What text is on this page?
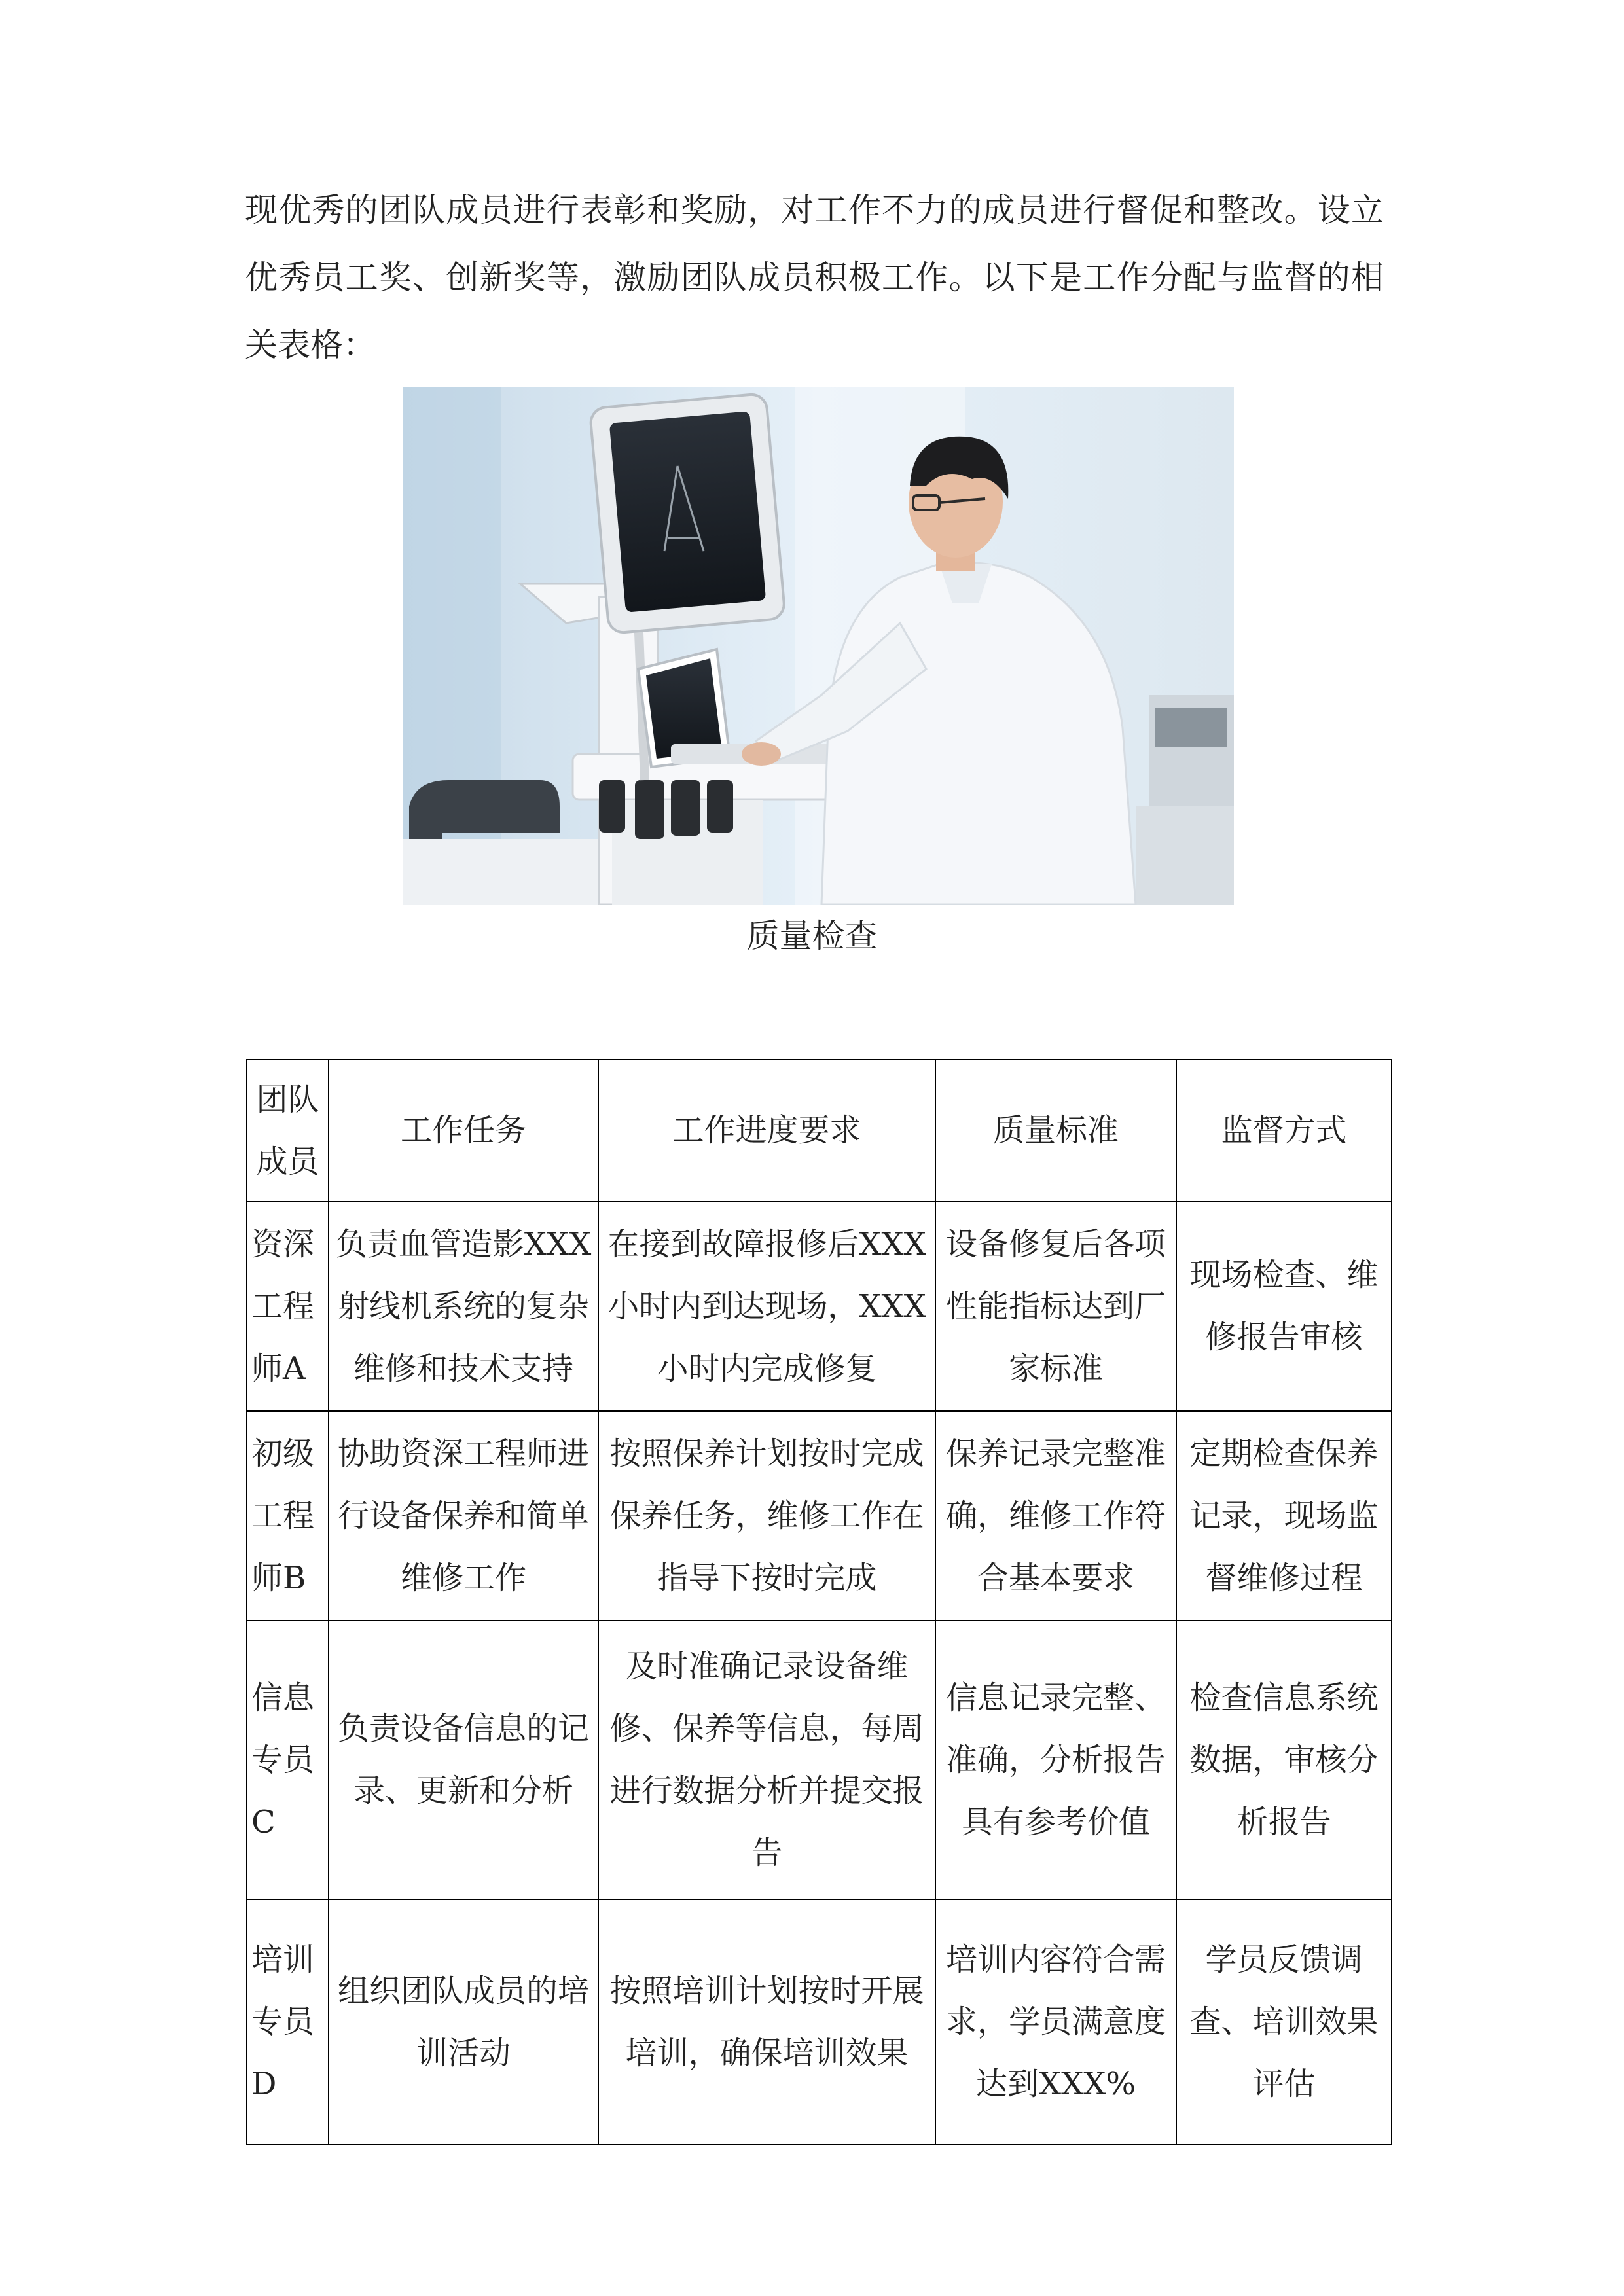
现优秀的团队成员进行表彰和奖励，对工作不力的成员进行督促和整改。设立优秀员工奖、创新奖等，激励团队成员积极工作。以下是工作分配与监督的相关表格：

质量检查

团队成员	工作任务	工作进度要求	质量标准	监督方式
资深工程师A	负责血管造影XXX射线机系统的复杂维修和技术支持	在接到故障报修后XXX小时内到达现场，XXX小时内完成修复	设备修复后各项性能指标达到厂家标准	现场检查、维修报告审核
初级工程师B	协助资深工程师进行设备保养和简单维修工作	按照保养计划按时完成保养任务，维修工作在指导下按时完成	保养记录完整准确，维修工作符合基本要求	定期检查保养记录，现场监督维修过程
信息专员C	负责设备信息的记录、更新和分析	及时准确记录设备维修、保养等信息，每周进行数据分析并提交报告	信息记录完整、准确，分析报告具有参考价值	检查信息系统数据，审核分析报告
培训专员D	组织团队成员的培训活动	按照培训计划按时开展培训，确保培训效果	培训内容符合需求，学员满意度达到XXX%	学员反馈调查、培训效果评估
